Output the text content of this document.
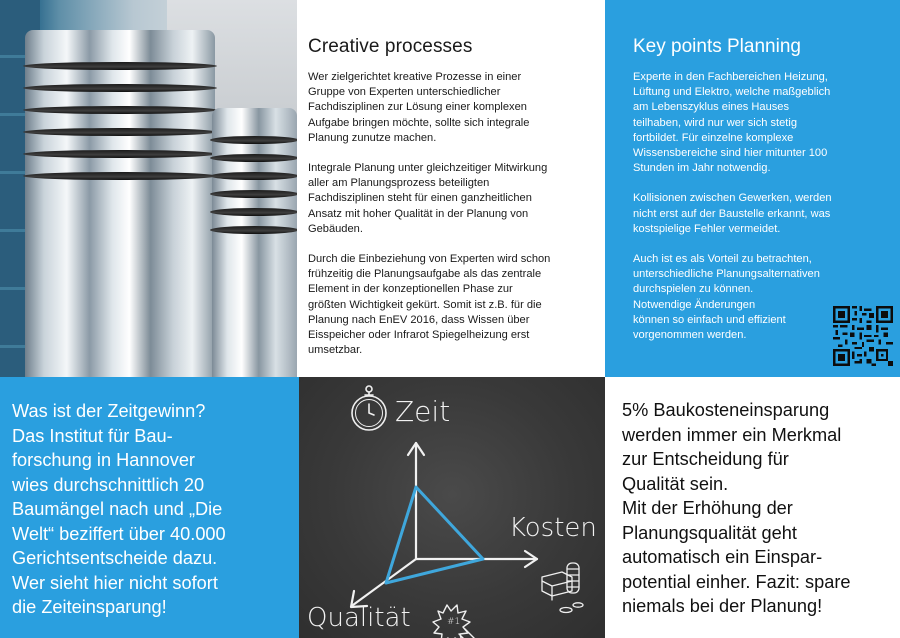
Creative processes

Wer zielgerichtet kreative Prozesse in einer
Gruppe von Experten unterschiedlicher
Fachdisziplinen zur Lösung einer komplexen
Aufgabe bringen möchte, sollte sich integrale
Planung zunutze machen.

Integrale Planung unter gleichzeitiger Mitwirkung
aller am Planungsprozess beteiligten
Fachdisziplinen steht für einen ganzheitlichen
Ansatz mit hoher Qualität in der Planung von
Gebäuden.

Durch die Einbeziehung von Experten wird schon
frühzeitig die Planungsaufgabe als das zentrale
Element in der konzeptionellen Phase zur
größten Wichtigkeit gekürt. Somit ist z.B. für die
Planung nach EnEV 2016, dass Wissen über
Eisspeicher oder Infrarot Spiegelheizung erst
umsetzbar.

Key points Planning

Experte in den Fachbereichen Heizung,
Lüftung und Elektro, welche maßgeblich
am Lebenszyklus eines Hauses
teilhaben, wird nur wer sich stetig
fortbildet. Für einzelne komplexe
Wissensbereiche sind hier mitunter 100
Stunden im Jahr notwendig.

Kollisionen zwischen Gewerken, werden
nicht erst auf der Baustelle erkannt, was
kostspielige Fehler vermeidet.

Auch ist es als Vorteil zu betrachten,
unterschiedliche Planungsalternativen
durchspielen zu können.
Notwendige Änderungen
können so einfach und effizient
vorgenommen werden.

Was ist der Zeitgewinn?
Das Institut für Bau-
forschung in Hannover
wies durchschnittlich 20
Baumängel nach und „Die
Welt“ beziffert über 40.000
Gerichtsentscheide dazu.
Wer sieht hier nicht sofort
die Zeiteinsparung!

Zeit
Kosten
Qualität	#1

5% Baukosteneinsparung
werden immer ein Merkmal
zur Entscheidung für
Qualität sein.
Mit der Erhöhung der
Planungsqualität geht
automatisch ein Einspar-
potential einher. Fazit: spare
niemals bei der Planung!
